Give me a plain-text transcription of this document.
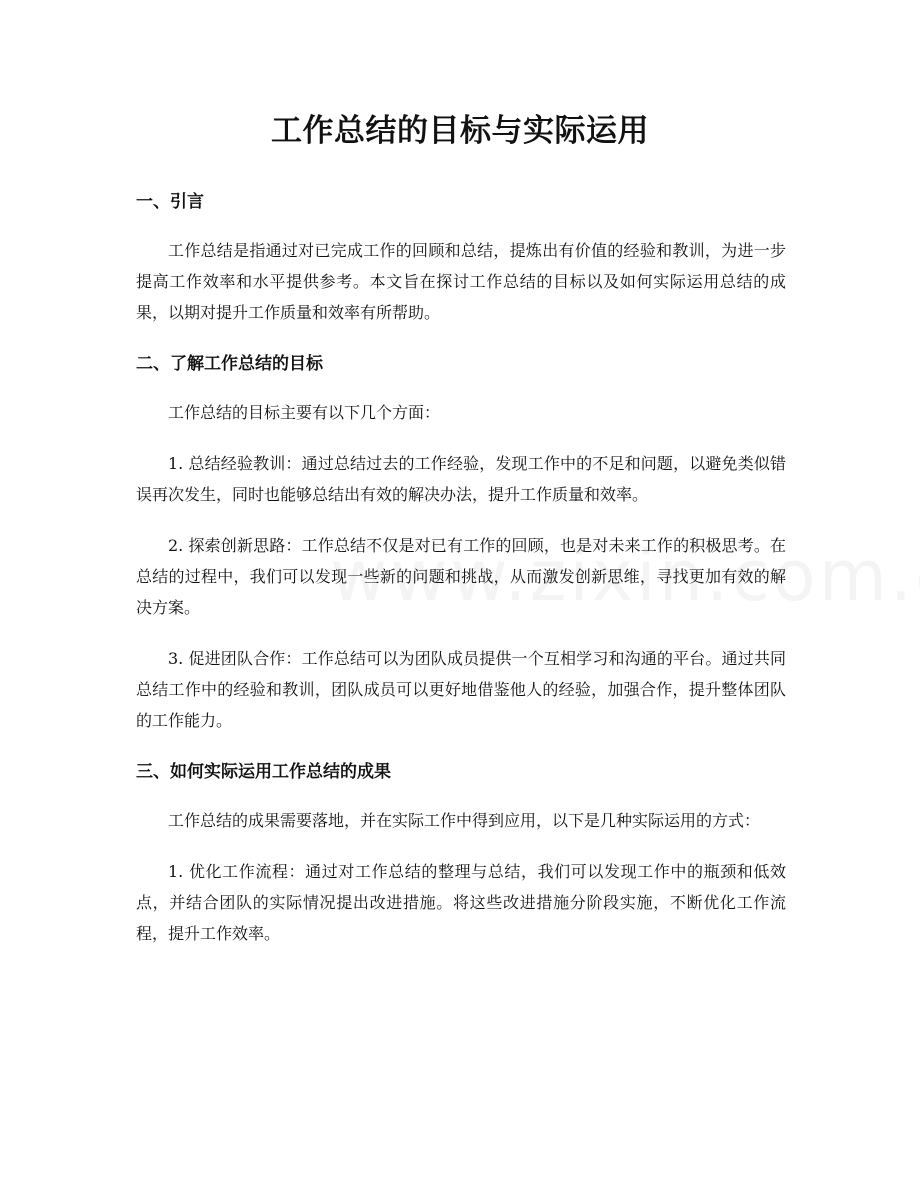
工作总结的目标与实际运用
一、引言

工作总结是指通过对已完成工作的回顾和总结，提炼出有价值的经验和教训，为进一步提高工作效率和水平提供参考。本文旨在探讨工作总结的目标以及如何实际运用总结的成果，以期对提升工作质量和效率有所帮助。

二、了解工作总结的目标

工作总结的目标主要有以下几个方面：

1. 总结经验教训：通过总结过去的工作经验，发现工作中的不足和问题，以避免类似错误再次发生，同时也能够总结出有效的解决办法，提升工作质量和效率。

2. 探索创新思路：工作总结不仅是对已有工作的回顾，也是对未来工作的积极思考。在总结的过程中，我们可以发现一些新的问题和挑战，从而激发创新思维，寻找更加有效的解决方案。

3. 促进团队合作：工作总结可以为团队成员提供一个互相学习和沟通的平台。通过共同总结工作中的经验和教训，团队成员可以更好地借鉴他人的经验，加强合作，提升整体团队的工作能力。

三、如何实际运用工作总结的成果

工作总结的成果需要落地，并在实际工作中得到应用，以下是几种实际运用的方式：

1. 优化工作流程：通过对工作总结的整理与总结，我们可以发现工作中的瓶颈和低效点，并结合团队的实际情况提出改进措施。将这些改进措施分阶段实施，不断优化工作流程，提升工作效率。
